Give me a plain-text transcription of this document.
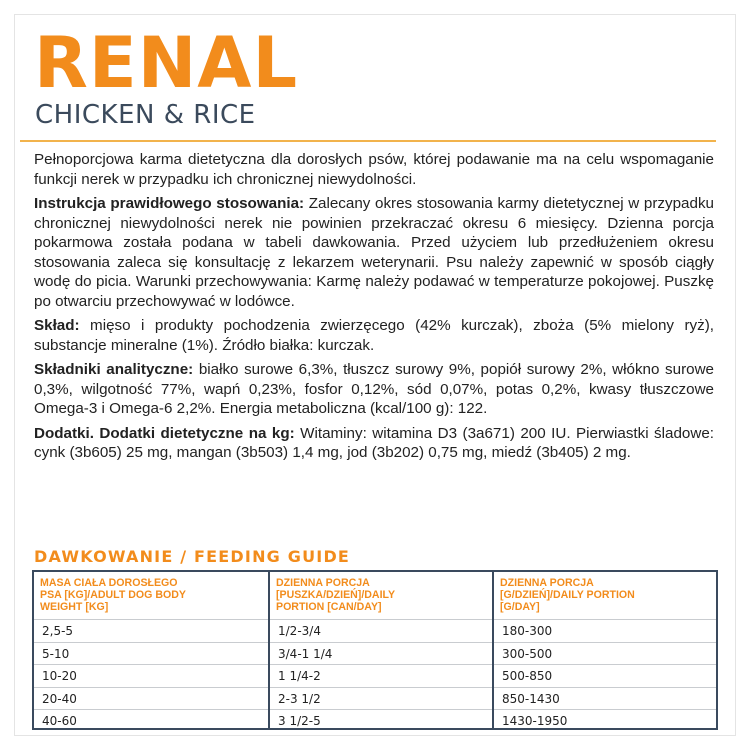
RENAL
CHICKEN & RICE

Pełnoporcjowa karma dietetyczna dla dorosłych psów, której podawanie ma na celu wspomaganie funkcji nerek w przypadku ich chronicznej niewydolności.

Instrukcja prawidłowego stosowania: Zalecany okres stosowania karmy dietetycznej w przypadku chronicznej niewydolności nerek nie powinien przekraczać okresu 6 miesięcy. Dzienna porcja pokarmowa została podana w tabeli dawkowania. Przed użyciem lub przedłużeniem okresu stosowania zaleca się konsultację z lekarzem weterynarii. Psu należy zapewnić w sposób ciągły wodę do picia. Warunki przechowywania: Karmę należy podawać w temperaturze pokojowej. Puszkę po otwarciu przechowywać w lodówce.

Skład: mięso i produkty pochodzenia zwierzęcego (42% kurczak), zboża (5% mielony ryż), substancje mineralne (1%). Źródło białka: kurczak.

Składniki analityczne: białko surowe 6,3%, tłuszcz surowy 9%, popiół surowy 2%, włókno surowe 0,3%, wilgotność 77%, wapń 0,23%, fosfor 0,12%, sód 0,07%, potas 0,2%, kwasy tłuszczowe Omega-3 i Omega-6 2,2%. Energia metaboliczna (kcal/100 g): 122.

Dodatki. Dodatki dietetyczne na kg: Witaminy: witamina D3 (3a671) 200 IU. Pierwiastki śladowe: cynk (3b605) 25 mg, mangan (3b503) 1,4 mg, jod (3b202) 0,75 mg, miedź (3b405) 2 mg.

DAWKOWANIE / FEEDING GUIDE
MASA CIAŁA DOROSŁEGO
PSA [KG]/ADULT DOG BODY
WEIGHT [KG]
2,5-5
5-10
10-20
20-40
40-60
DZIENNA PORCJA
[PUSZKA/DZIEŃ]/DAILY
PORTION [CAN/DAY]
1/2-3/4
3/4-1 1/4
1 1/4-2
2-3 1/2
3 1/2-5
DZIENNA PORCJA
[G/DZIEŃ]/DAILY PORTION
[G/DAY]
180-300
300-500
500-850
850-1430
1430-1950
